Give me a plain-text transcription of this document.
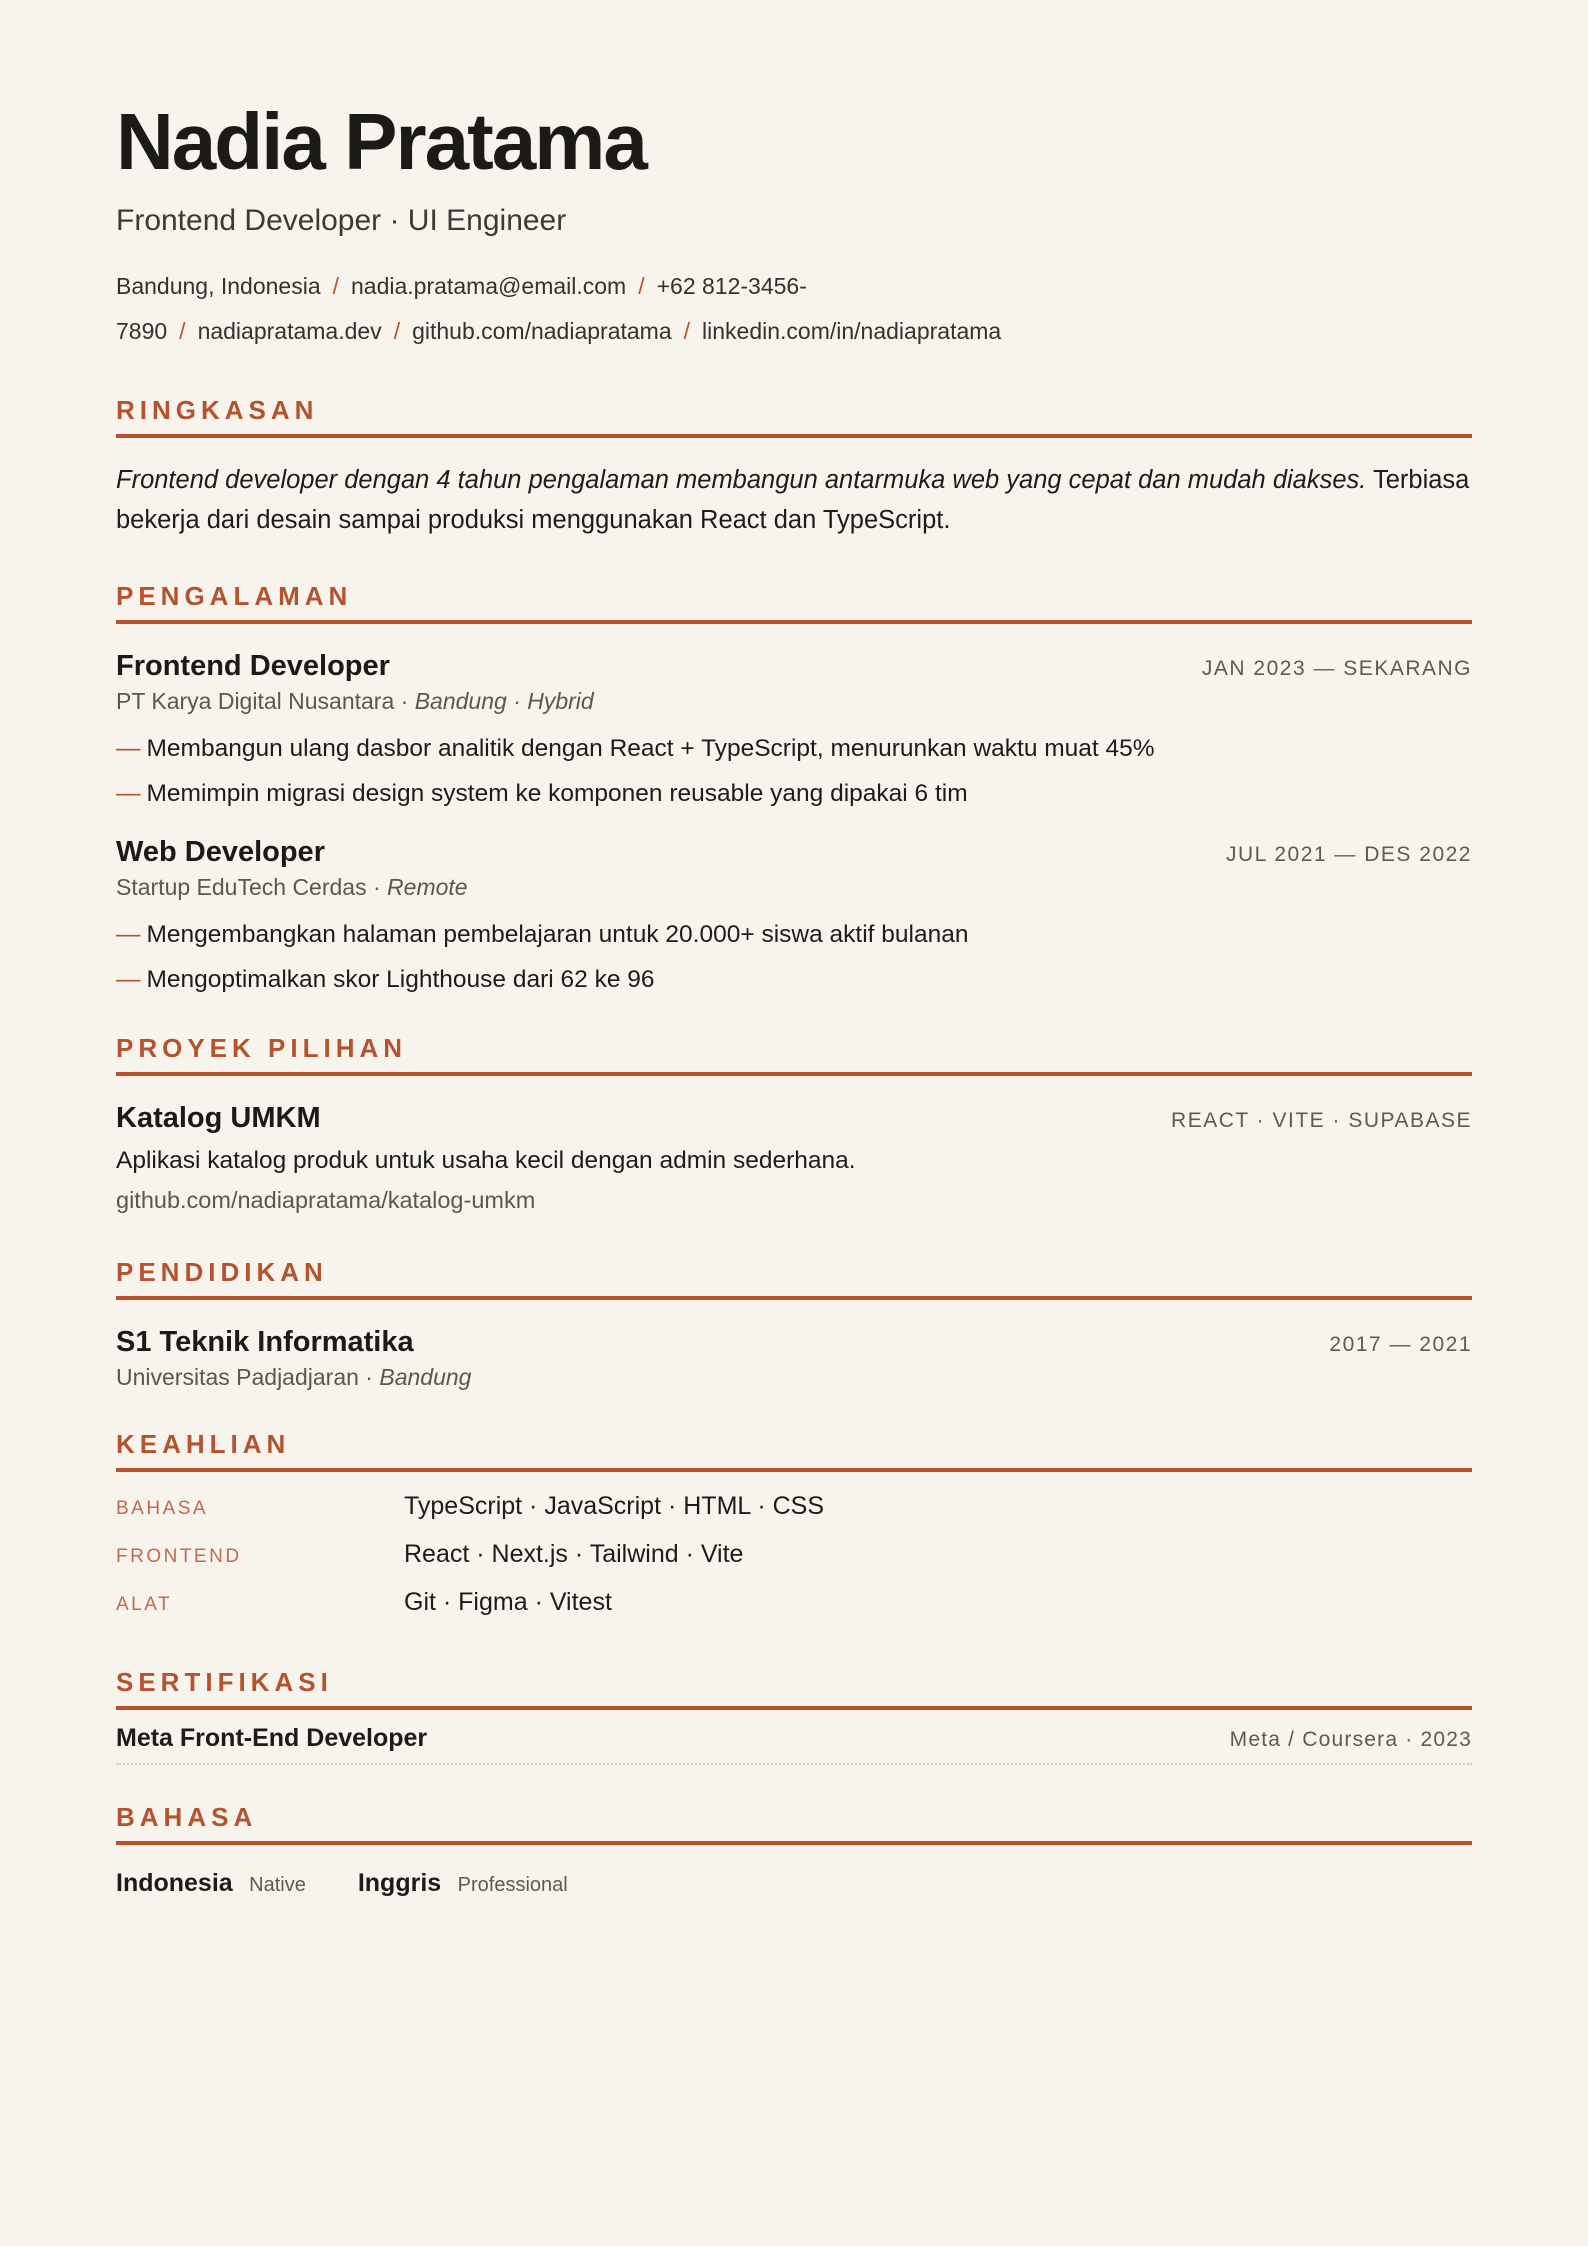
Nadia Pratama
Frontend Developer · UI Engineer
Bandung, Indonesia / nadia.pratama@email.com / +62 812-3456-7890 / nadiapratama.dev / github.com/nadiapratama / linkedin.com/in/nadiapratama
RINGKASAN
Frontend developer dengan 4 tahun pengalaman membangun antarmuka web yang cepat dan mudah diakses. Terbiasa bekerja dari desain sampai produksi menggunakan React dan TypeScript.
PENGALAMAN
Frontend Developer	JAN 2023 — SEKARANG
PT Karya Digital Nusantara · Bandung · Hybrid
— Membangun ulang dasbor analitik dengan React + TypeScript, menurunkan waktu muat 45%
— Memimpin migrasi design system ke komponen reusable yang dipakai 6 tim
Web Developer	JUL 2021 — DES 2022
Startup EduTech Cerdas · Remote
— Mengembangkan halaman pembelajaran untuk 20.000+ siswa aktif bulanan
— Mengoptimalkan skor Lighthouse dari 62 ke 96
PROYEK PILIHAN
Katalog UMKM	REACT · VITE · SUPABASE
Aplikasi katalog produk untuk usaha kecil dengan admin sederhana.
github.com/nadiapratama/katalog-umkm
PENDIDIKAN
S1 Teknik Informatika	2017 — 2021
Universitas Padjadjaran · Bandung
KEAHLIAN
BAHASA	TypeScript · JavaScript · HTML · CSS
FRONTEND	React · Next.js · Tailwind · Vite
ALAT	Git · Figma · Vitest
SERTIFIKASI
Meta Front-End Developer	Meta / Coursera · 2023
BAHASA
Indonesia Native Inggris Professional
